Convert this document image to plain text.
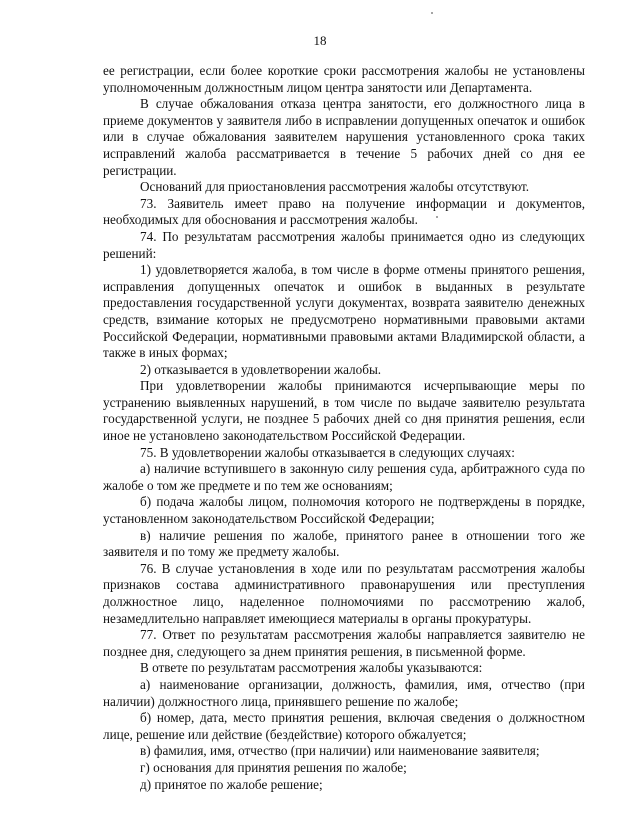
18

ее регистрации, если более короткие сроки рассмотрения жалобы не установлены уполномоченным должностным лицом центра занятости или Департамента.

В случае обжалования отказа центра занятости, его должностного лица в приеме документов у заявителя либо в исправлении допущенных опечаток и ошибок или в случае обжалования заявителем нарушения установленного срока таких исправлений жалоба рассматривается в течение 5 рабочих дней со дня ее регистрации.

Оснований для приостановления рассмотрения жалобы отсутствуют.

73. Заявитель имеет право на получение информации и документов, необходимых для обоснования и рассмотрения жалобы.

74. По результатам рассмотрения жалобы принимается одно из следующих решений:

1) удовлетворяется жалоба, в том числе в форме отмены принятого решения, исправления допущенных опечаток и ошибок в выданных в результате предоставления государственной услуги документах, возврата заявителю денежных средств, взимание которых не предусмотрено нормативными правовыми актами Российской Федерации, нормативными правовыми актами Владимирской области, а также в иных формах;

2) отказывается в удовлетворении жалобы.

При удовлетворении жалобы принимаются исчерпывающие меры по устранению выявленных нарушений, в том числе по выдаче заявителю результата государственной услуги, не позднее 5 рабочих дней со дня принятия решения, если иное не установлено законодательством Российской Федерации.

75. В удовлетворении жалобы отказывается в следующих случаях:

а) наличие вступившего в законную силу решения суда, арбитражного суда по жалобе о том же предмете и по тем же основаниям;

б) подача жалобы лицом, полномочия которого не подтверждены в порядке, установленном законодательством Российской Федерации;

в) наличие решения по жалобе, принятого ранее в отношении того же заявителя и по тому же предмету жалобы.

76. В случае установления в ходе или по результатам рассмотрения жалобы признаков состава административного правонарушения или преступления должностное лицо, наделенное полномочиями по рассмотрению жалоб, незамедлительно направляет имеющиеся материалы в органы прокуратуры.

77. Ответ по результатам рассмотрения жалобы направляется заявителю не позднее дня, следующего за днем принятия решения, в письменной форме.

В ответе по результатам рассмотрения жалобы указываются:

а) наименование организации, должность, фамилия, имя, отчество (при наличии) должностного лица, принявшего решение по жалобе;

б) номер, дата, место принятия решения, включая сведения о должностном лице, решение или действие (бездействие) которого обжалуется;

в) фамилия, имя, отчество (при наличии) или наименование заявителя;

г) основания для принятия решения по жалобе;

д) принятое по жалобе решение;
